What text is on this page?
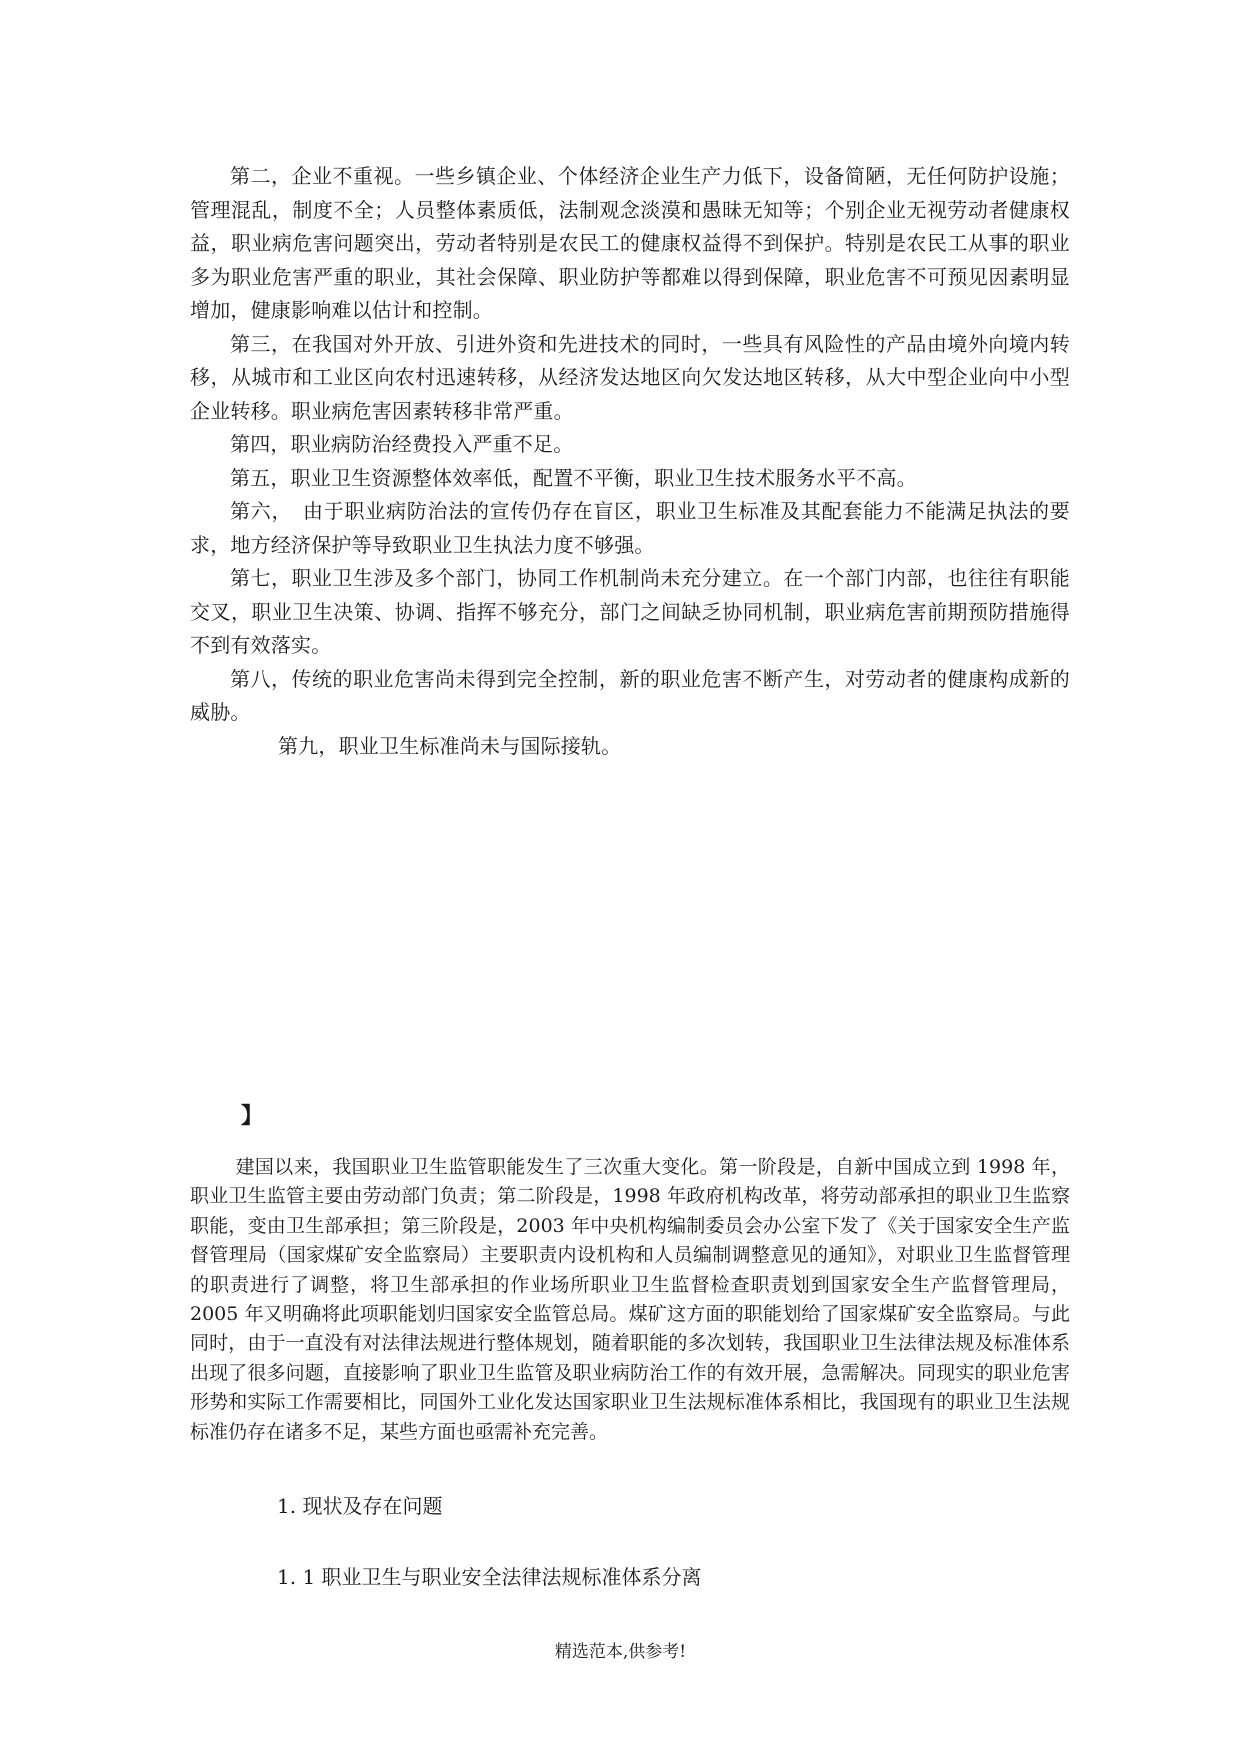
第二，企业不重视。一些乡镇企业、个体经济企业生产力低下，设备简陋，无任何防护设施；管理混乱，制度不全；人员整体素质低，法制观念淡漠和愚昧无知等；个别企业无视劳动者健康权益，职业病危害问题突出，劳动者特别是农民工的健康权益得不到保护。特别是农民工从事的职业多为职业危害严重的职业，其社会保障、职业防护等都难以得到保障，职业危害不可预见因素明显增加，健康影响难以估计和控制。

第三，在我国对外开放、引进外资和先进技术的同时，一些具有风险性的产品由境外向境内转移，从城市和工业区向农村迅速转移，从经济发达地区向欠发达地区转移，从大中型企业向中小型企业转移。职业病危害因素转移非常严重。

第四，职业病防治经费投入严重不足。

第五，职业卫生资源整体效率低，配置不平衡，职业卫生技术服务水平不高。

第六，　由于职业病防治法的宣传仍存在盲区，职业卫生标准及其配套能力不能满足执法的要求，地方经济保护等导致职业卫生执法力度不够强。

第七，职业卫生涉及多个部门，协同工作机制尚未充分建立。在一个部门内部，也往往有职能交叉，职业卫生决策、协调、指挥不够充分，部门之间缺乏协同机制，职业病危害前期预防措施得不到有效落实。

第八，传统的职业危害尚未得到完全控制，新的职业危害不断产生，对劳动者的健康构成新的威胁。

第九，职业卫生标准尚未与国际接轨。

】

建国以来，我国职业卫生监管职能发生了三次重大变化。第一阶段是，自新中国成立到 1998 年，职业卫生监管主要由劳动部门负责；第二阶段是，1998 年政府机构改革，将劳动部承担的职业卫生监察职能，变由卫生部承担；第三阶段是，2003 年中央机构编制委员会办公室下发了《关于国家安全生产监督管理局（国家煤矿安全监察局）主要职责内设机构和人员编制调整意见的通知》，对职业卫生监督管理的职责进行了调整，将卫生部承担的作业场所职业卫生监督检查职责划到国家安全生产监督管理局，2005 年又明确将此项职能划归国家安全监管总局。煤矿这方面的职能划给了国家煤矿安全监察局。与此同时，由于一直没有对法律法规进行整体规划，随着职能的多次划转，我国职业卫生法律法规及标准体系出现了很多问题，直接影响了职业卫生监管及职业病防治工作的有效开展，急需解决。同现实的职业危害形势和实际工作需要相比，同国外工业化发达国家职业卫生法规标准体系相比，我国现有的职业卫生法规标准仍存在诸多不足，某些方面也亟需补充完善。

1. 现状及存在问题
1. 1 职业卫生与职业安全法律法规标准体系分离
精选范本,供参考!
